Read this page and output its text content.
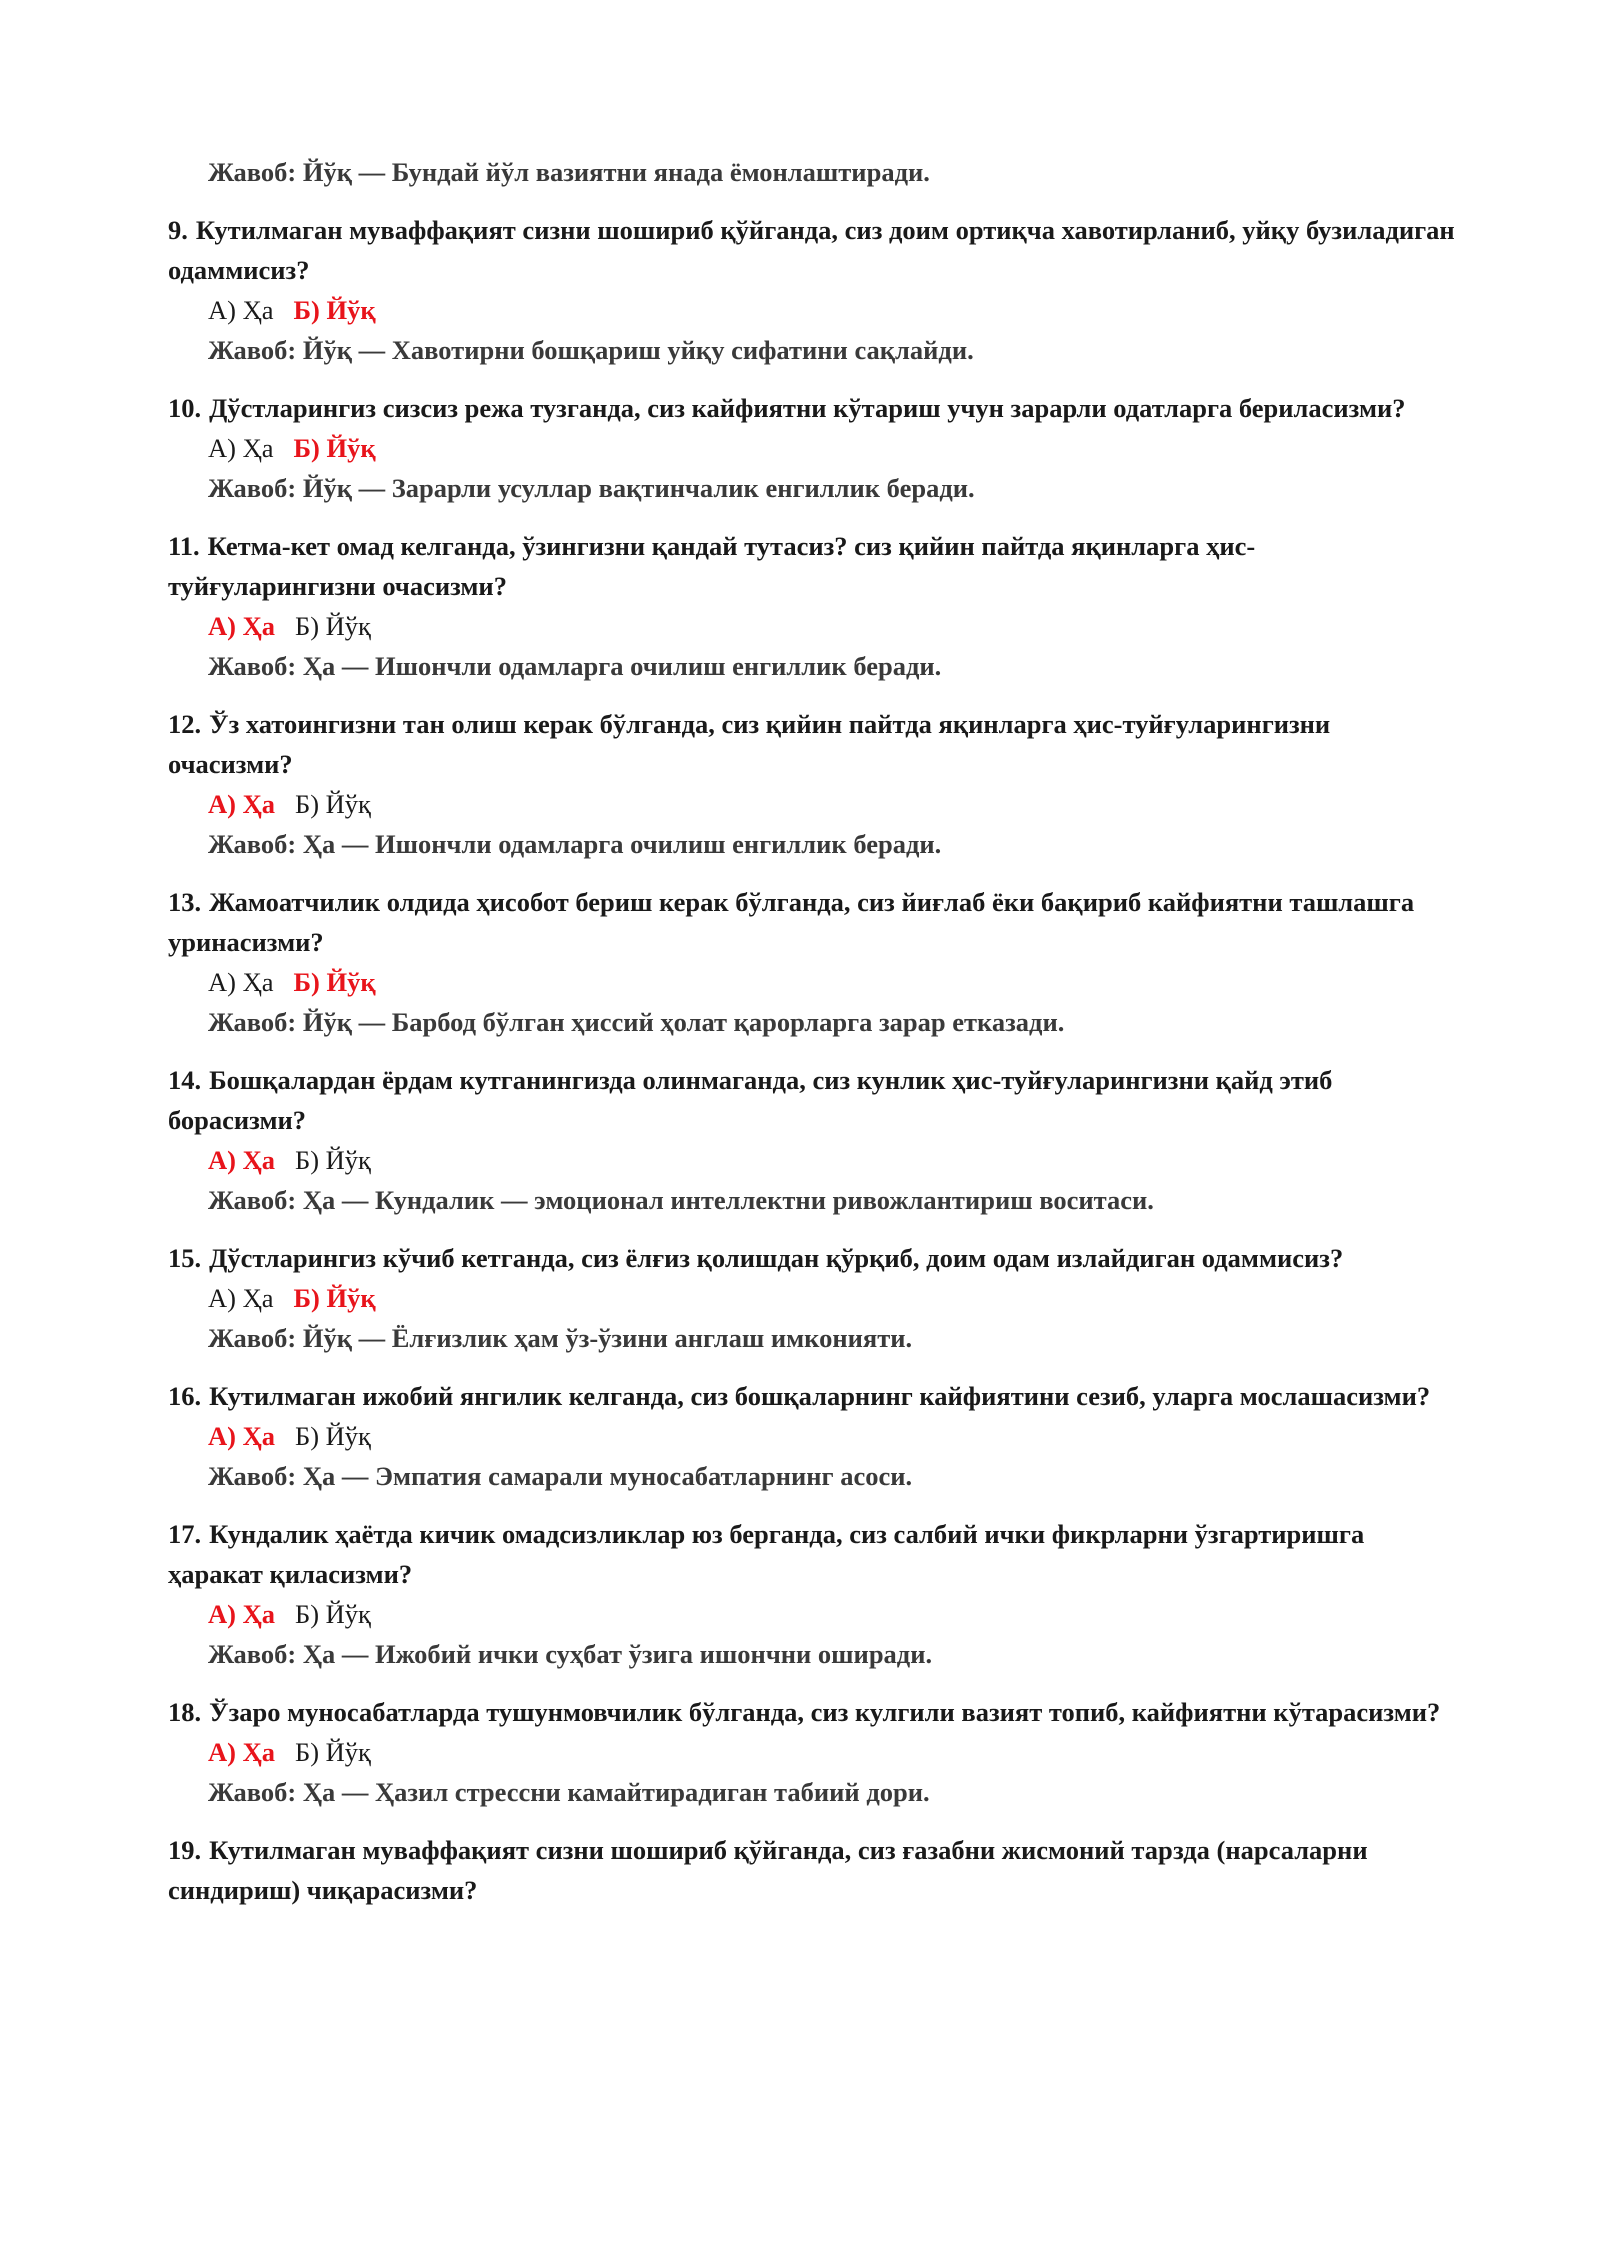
Жавоб: Йўқ — Бундай йўл вазиятни янада ёмонлаштиради.

9. Кутилмаган муваффақият сизни шошириб қўйганда, сиз доим ортиқча хавотирланиб, уйқу бузиладиган одаммисиз?

А) Ҳа Б) Йўқ

Жавоб: Йўқ — Хавотирни бошқариш уйқу сифатини сақлайди.

10. Дўстларингиз сизсиз режа тузганда, сиз кайфиятни кўтариш учун зарарли одатларга бериласизми?

А) Ҳа Б) Йўқ

Жавоб: Йўқ — Зарарли усуллар вақтинчалик енгиллик беради.

11. Кетма-кет омад келганда, ўзингизни қандай тутасиз? сиз қийин пайтда яқинларга ҳис-туйғуларингизни очасизми?

А) Ҳа Б) Йўқ

Жавоб: Ҳа — Ишончли одамларга очилиш енгиллик беради.

12. Ўз хатоингизни тан олиш керак бўлганда, сиз қийин пайтда яқинларга ҳис-туйғуларингизни очасизми?

А) Ҳа Б) Йўқ

Жавоб: Ҳа — Ишончли одамларга очилиш енгиллик беради.

13. Жамоатчилик олдида ҳисобот бериш керак бўлганда, сиз йиғлаб ёки бақириб кайфиятни ташлашга уринасизми?

А) Ҳа Б) Йўқ

Жавоб: Йўқ — Барбод бўлган ҳиссий ҳолат қарорларга зарар етказади.

14. Бошқалардан ёрдам кутганингизда олинмаганда, сиз кунлик ҳис-туйғуларингизни қайд этиб борасизми?

А) Ҳа Б) Йўқ

Жавоб: Ҳа — Кундалик — эмоционал интеллектни ривожлантириш воситаси.

15. Дўстларингиз кўчиб кетганда, сиз ёлғиз қолишдан қўрқиб, доим одам излайдиган одаммисиз?

А) Ҳа Б) Йўқ

Жавоб: Йўқ — Ёлғизлик ҳам ўз-ўзини англаш имконияти.

16. Кутилмаган ижобий янгилик келганда, сиз бошқаларнинг кайфиятини сезиб, уларга мослашасизми?

А) Ҳа Б) Йўқ

Жавоб: Ҳа — Эмпатия самарали муносабатларнинг асоси.

17. Кундалик ҳаётда кичик омадсизликлар юз берганда, сиз салбий ички фикрларни ўзгартиришга ҳаракат қиласизми?

А) Ҳа Б) Йўқ

Жавоб: Ҳа — Ижобий ички суҳбат ўзига ишончни оширади.

18. Ўзаро муносабатларда тушунмовчилик бўлганда, сиз кулгили вазият топиб, кайфиятни кўтарасизми?

А) Ҳа Б) Йўқ

Жавоб: Ҳа — Ҳазил стрессни камайтирадиган табиий дори.

19. Кутилмаган муваффақият сизни шошириб қўйганда, сиз ғазабни жисмоний тарзда (нарсаларни синдириш) чиқарасизми?
